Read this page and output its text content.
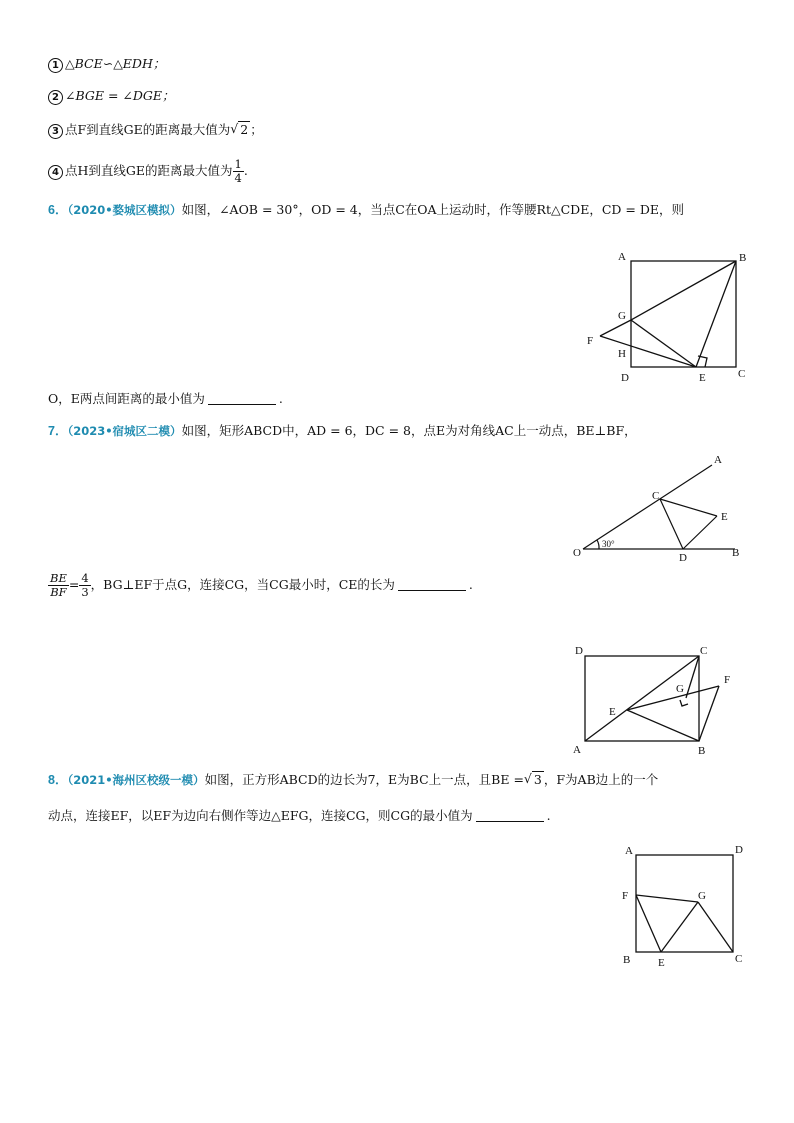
1 △BCE∽△EDH；
2 ∠BGE = ∠DGE；
3 点F到直线GE的距离最大值为 √ 2 ；
4 点H到直线GE的距离最大值为 $\frac{1}{4}$ .
6．（2020•婺城区模拟）如图，∠AOB = 30°，OD = 4，当点C在OA上运动时，作等腰Rt△CDE，CD = DE，则
O，E两点间距离的最小值为	.
7．（2023•宿城区二模）如图，矩形ABCD中，AD = 6，DC = 8，点E为对角线AC上一动点，BE⊥BF，
$\frac{BE}{BF} = \frac{4}{3}$ ，BG⊥EF于点G，连接CG，当CG最小时，CE的长为	.
8．（2021•海州区校级一模）如图，正方形ABCD的边长为7，E为BC上一点，且BE = √ 3 ，F为AB边上的一个
动点，连接EF，以EF为边向右侧作等边△EFG，连接CG，则CG的最小值为	.
A	B
G
F
H
D	E	C
A
C
E
O
30°
D	B
D	C
G
F
E
A	B
A	D
F	G
B	E	C
